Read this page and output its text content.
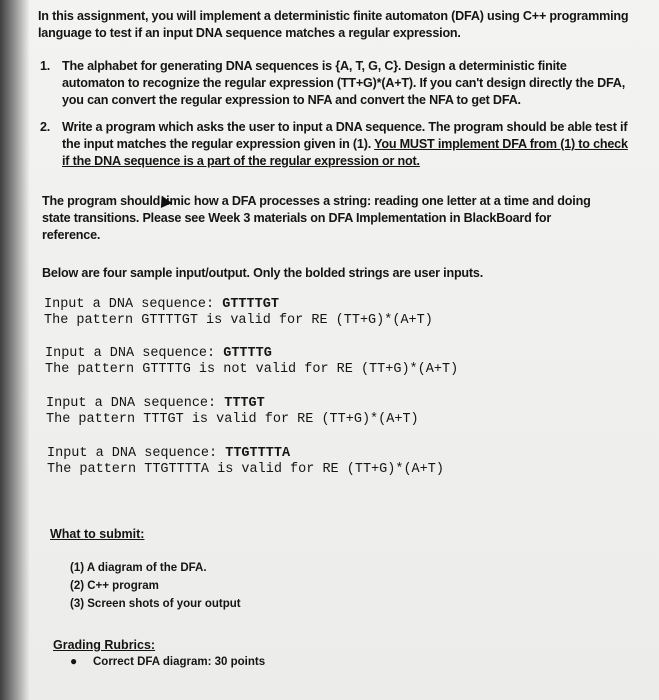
In this assignment, you will implement a deterministic finite automaton (DFA) using C++ programming language to test if an input DNA sequence matches a regular expression.
1. The alphabet for generating DNA sequences is {A, T, G, C}. Design a deterministic finite automaton to recognize the regular expression (TT+G)*(A+T). If you can't design directly the DFA, you can convert the regular expression to NFA and convert the NFA to get DFA.
2. Write a program which asks the user to input a DNA sequence. The program should be able test if the input matches the regular expression given in (1). You MUST implement DFA from (1) to check if the DNA sequence is a part of the regular expression or not.
The program should imic how a DFA processes a string: reading one letter at a time and doing state transitions. Please see Week 3 materials on DFA Implementation in BlackBoard for reference.
Below are four sample input/output. Only the bolded strings are user inputs.
Input a DNA sequence: GTTTTGT
The pattern GTTTTGT is valid for RE (TT+G)*(A+T)
Input a DNA sequence: GTTTTG
The pattern GTTTTG is not valid for RE (TT+G)*(A+T)
Input a DNA sequence: TTTGT
The pattern TTTGT is valid for RE (TT+G)*(A+T)
Input a DNA sequence: TTGTTTTA
The pattern TTGTTTTA is valid for RE (TT+G)*(A+T)
What to submit:
(1) A diagram of the DFA.
(2) C++ program
(3) Screen shots of your output
Grading Rubrics:
● Correct DFA diagram: 30 points
